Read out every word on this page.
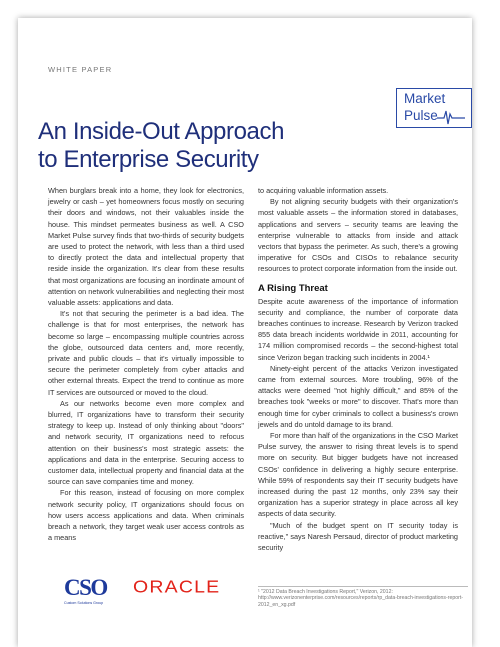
WHITE PAPER
Market
Pulse
An Inside-Out Approach
to Enterprise Security

When burglars break into a home, they look for electronics, jewelry or cash – yet homeowners focus mostly on securing their doors and windows, not their valuables inside the house. This mindset permeates business as well. A CSO Market Pulse survey finds that two-thirds of security budgets are used to protect the network, with less than a third used to directly protect the data and intellectual property that reside inside the organization. It's clear from these results that most organizations are focusing an inordinate amount of attention on network vulnerabilities and neglecting their most valuable assets: applications and data.

It's not that securing the perimeter is a bad idea. The challenge is that for most enterprises, the network has become so large – encompassing multiple countries across the globe, outsourced data centers and, more recently, private and public clouds – that it's virtually impossible to secure the perimeter completely from cyber attacks and other external threats. Expect the trend to continue as more IT services are outsourced or moved to the cloud.

As our networks become even more complex and blurred, IT organizations have to transform their security strategy to keep up. Instead of only thinking about "doors" and network security, IT organizations need to refocus attention on their business's most strategic assets: the applications and data in the enterprise. Securing access to customer data, intellectual property and financial data at the source can save companies time and money.

For this reason, instead of focusing on more complex network security policy, IT organizations should focus on how users access applications and data. When criminals breach a network, they target weak user access controls as a means

to acquiring valuable information assets.

By not aligning security budgets with their organization's most valuable assets – the information stored in databases, applications and servers – security teams are leaving the enterprise vulnerable to attacks from inside and attack vectors that bypass the perimeter. As such, there's a growing imperative for CSOs and CISOs to rebalance security resources to protect corporate information from the inside out.

A Rising Threat

Despite acute awareness of the importance of information security and compliance, the number of corporate data breaches continues to increase. Research by Verizon tracked 855 data breach incidents worldwide in 2011, accounting for 174 million compromised records – the second-highest total since Verizon began tracking such incidents in 2004.¹

Ninety-eight percent of the attacks Verizon investigated came from external sources. More troubling, 96% of the attacks were deemed "not highly difficult," and 85% of the breaches took "weeks or more" to discover. That's more than enough time for cyber criminals to collect a business's crown jewels and do untold damage to its brand.

For more than half of the organizations in the CSO Market Pulse survey, the answer to rising threat levels is to spend more on security. But bigger budgets have not increased CSOs' confidence in delivering a highly secure enterprise. While 59% of respondents say their IT security budgets have increased during the past 12 months, only 23% say their organization has a superior strategy in place across all key aspects of data security.

"Much of the budget spent on IT security today is reactive," says Naresh Persaud, director of product marketing security

¹ "2012 Data Breach Investigations Report," Verizon, 2012: http://www.verizonenterprise.com/resources/reports/rp_data-breach-investigations-report-2012_en_xg.pdf
CSO
Custom Solutions Group
ORACLE
